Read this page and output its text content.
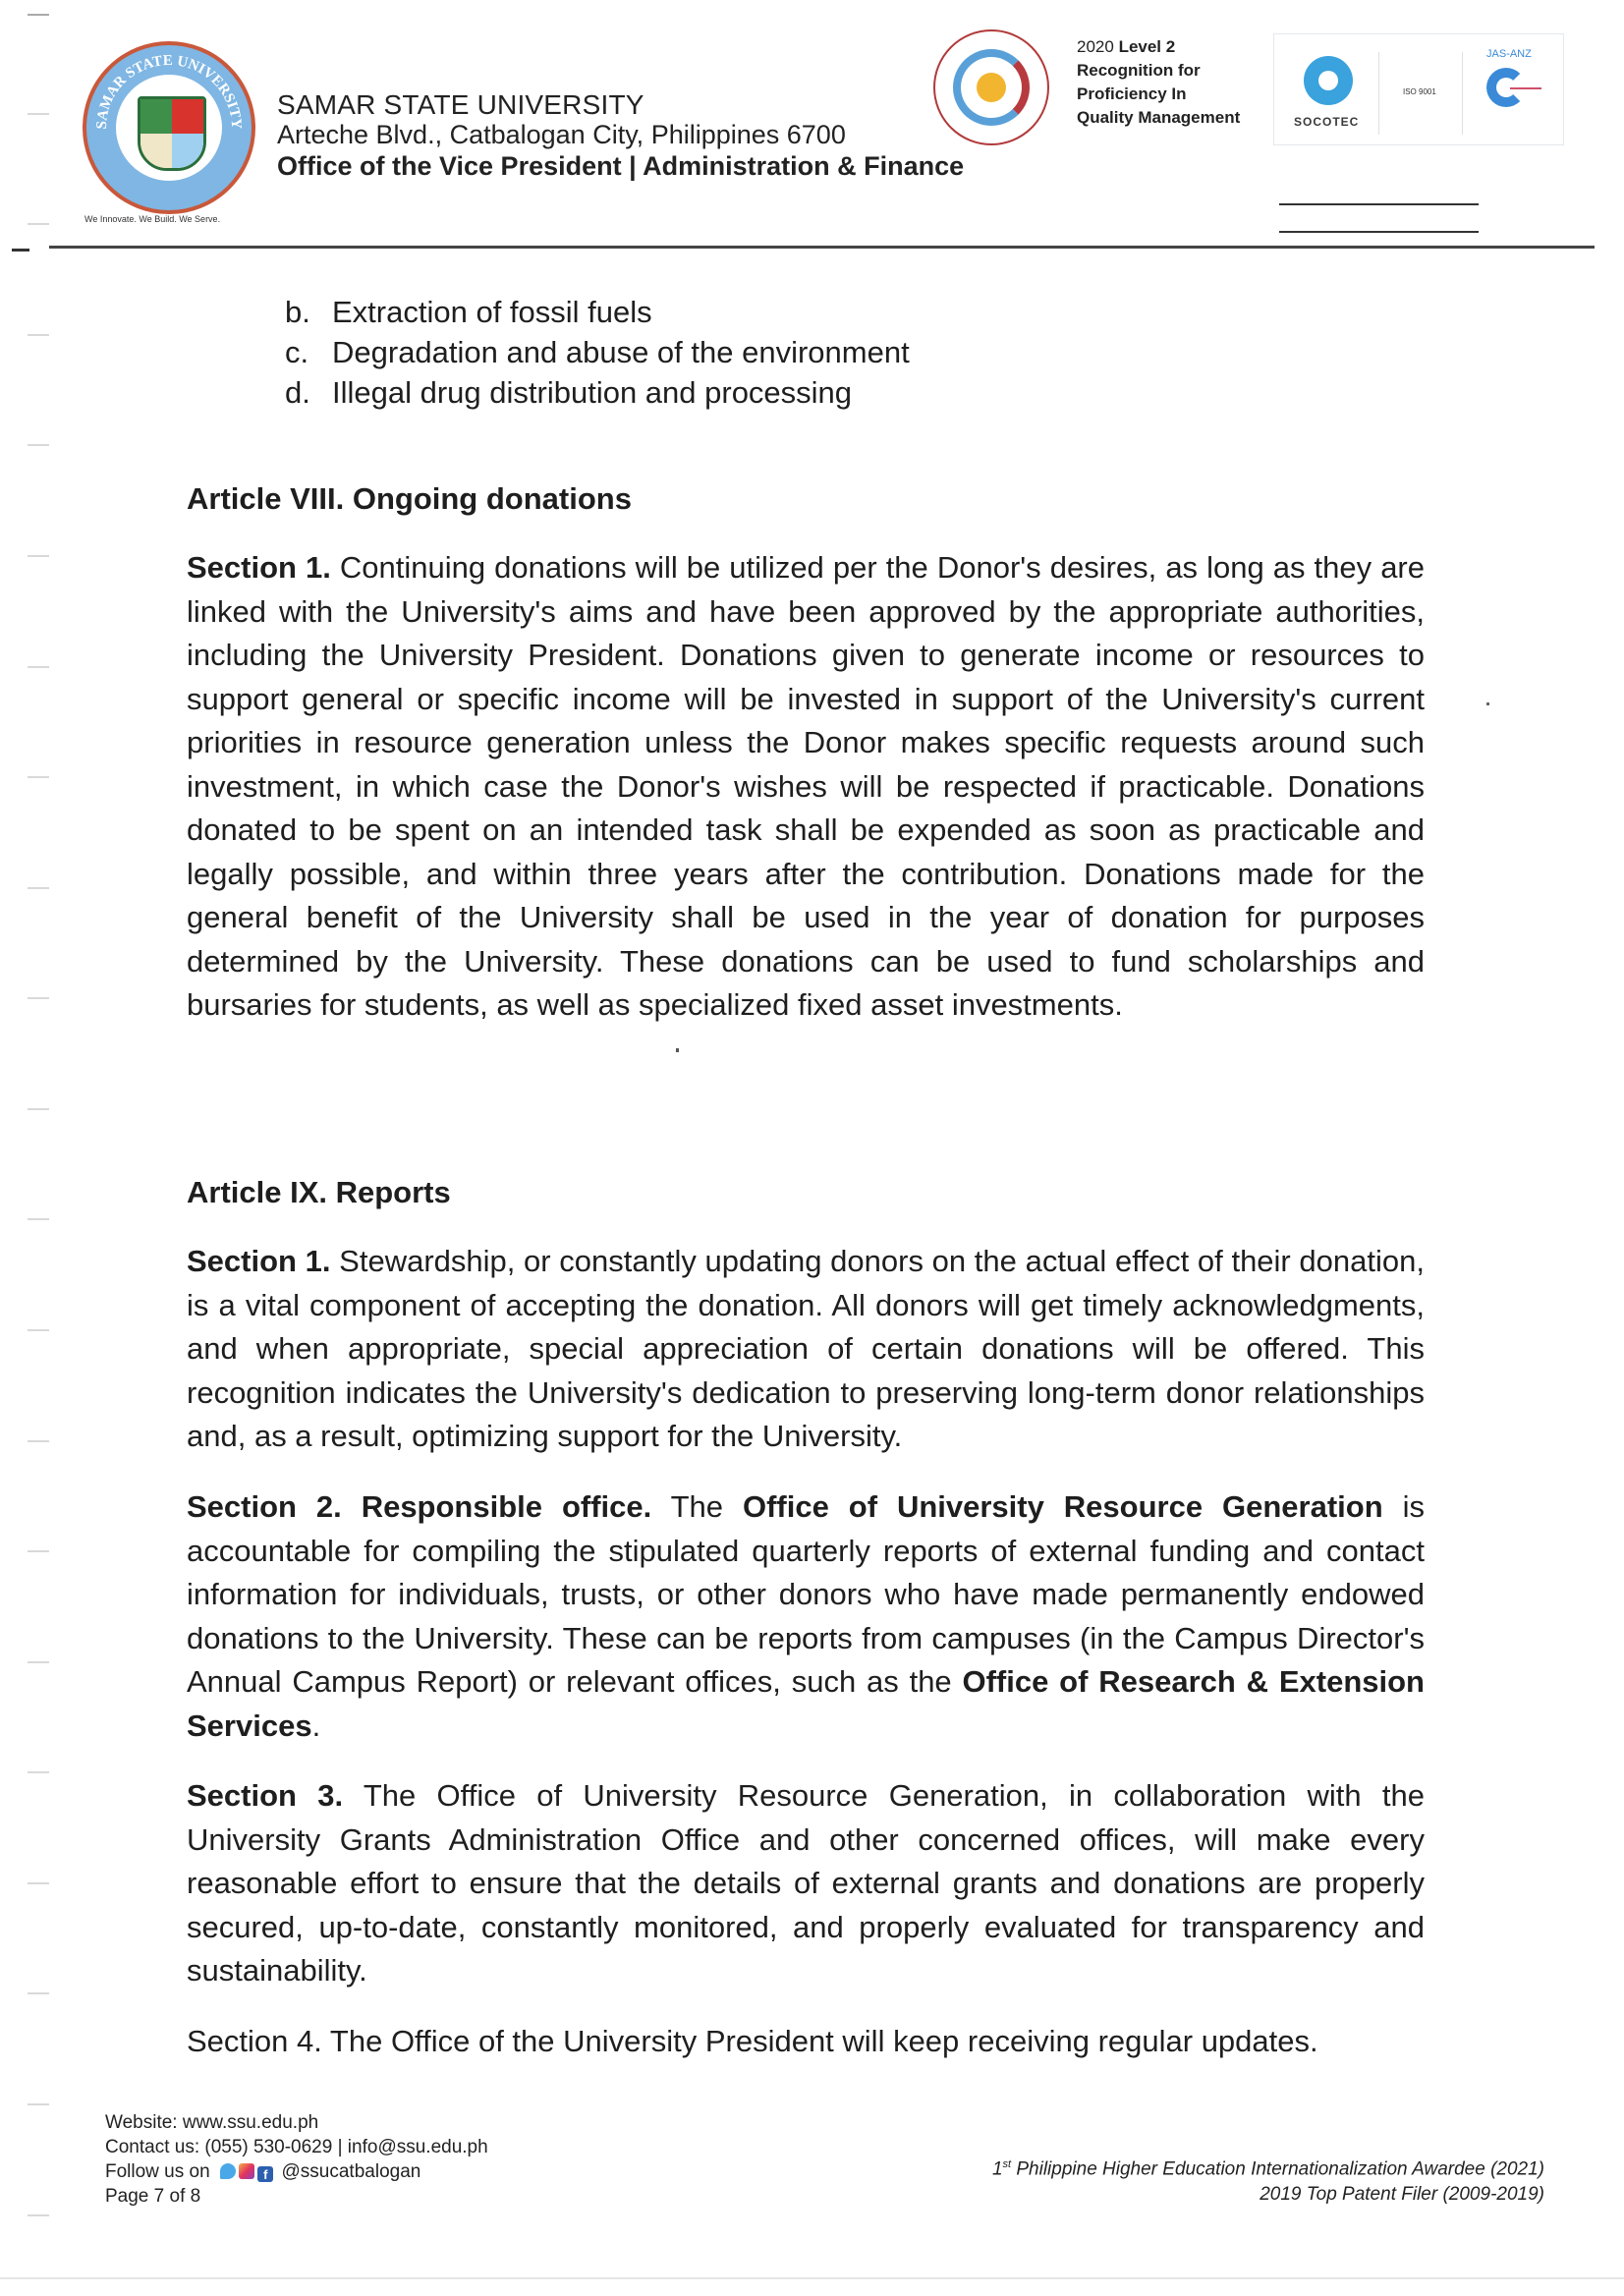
SAMAR STATE UNIVERSITY
We Innovate. We Build. We Serve.
SAMAR STATE UNIVERSITY
Arteche Blvd., Catbalogan City, Philippines 6700
Office of the Vice President | Administration & Finance
2020 Level 2
Recognition for
Proficiency In
Quality Management	SOCOTEC
ISO 9001
JAS-ANZ
b. Extraction of fossil fuels
c. Degradation and abuse of the environment
d. Illegal drug distribution and processing
Article VIII. Ongoing donations
Section 1. Continuing donations will be utilized per the Donor's desires, as long as they are linked with the University's aims and have been approved by the appropriate authorities, including the University President. Donations given to generate income or resources to support general or specific income will be invested in support of the University's current priorities in resource generation unless the Donor makes specific requests around such investment, in which case the Donor's wishes will be respected if practicable. Donations donated to be spent on an intended task shall be expended as soon as practicable and legally possible, and within three years after the contribution. Donations made for the general benefit of the University shall be used in the year of donation for purposes determined by the University. These donations can be used to fund scholarships and bursaries for students, as well as specialized fixed asset investments.
Article IX. Reports
Section 1. Stewardship, or constantly updating donors on the actual effect of their donation, is a vital component of accepting the donation. All donors will get timely acknowledgments, and when appropriate, special appreciation of certain donations will be offered. This recognition indicates the University's dedication to preserving long-term donor relationships and, as a result, optimizing support for the University.
Section 2. Responsible office. The Office of University Resource Generation is accountable for compiling the stipulated quarterly reports of external funding and contact information for individuals, trusts, or other donors who have made permanently endowed donations to the University. These can be reports from campuses (in the Campus Director's Annual Campus Report) or relevant offices, such as the Office of Research & Extension Services.
Section 3. The Office of University Resource Generation, in collaboration with the University Grants Administration Office and other concerned offices, will make every reasonable effort to ensure that the details of external grants and donations are properly secured, up-to-date, constantly monitored, and properly evaluated for transparency and sustainability.
Section 4. The Office of the University President will keep receiving regular updates.
Website: www.ssu.edu.ph
Contact us: (055) 530-0629 | info@ssu.edu.ph
Follow us on	f @ssucatbalogan
Page 7 of 8
1st Philippine Higher Education Internationalization Awardee (2021)
2019 Top Patent Filer (2009-2019)
